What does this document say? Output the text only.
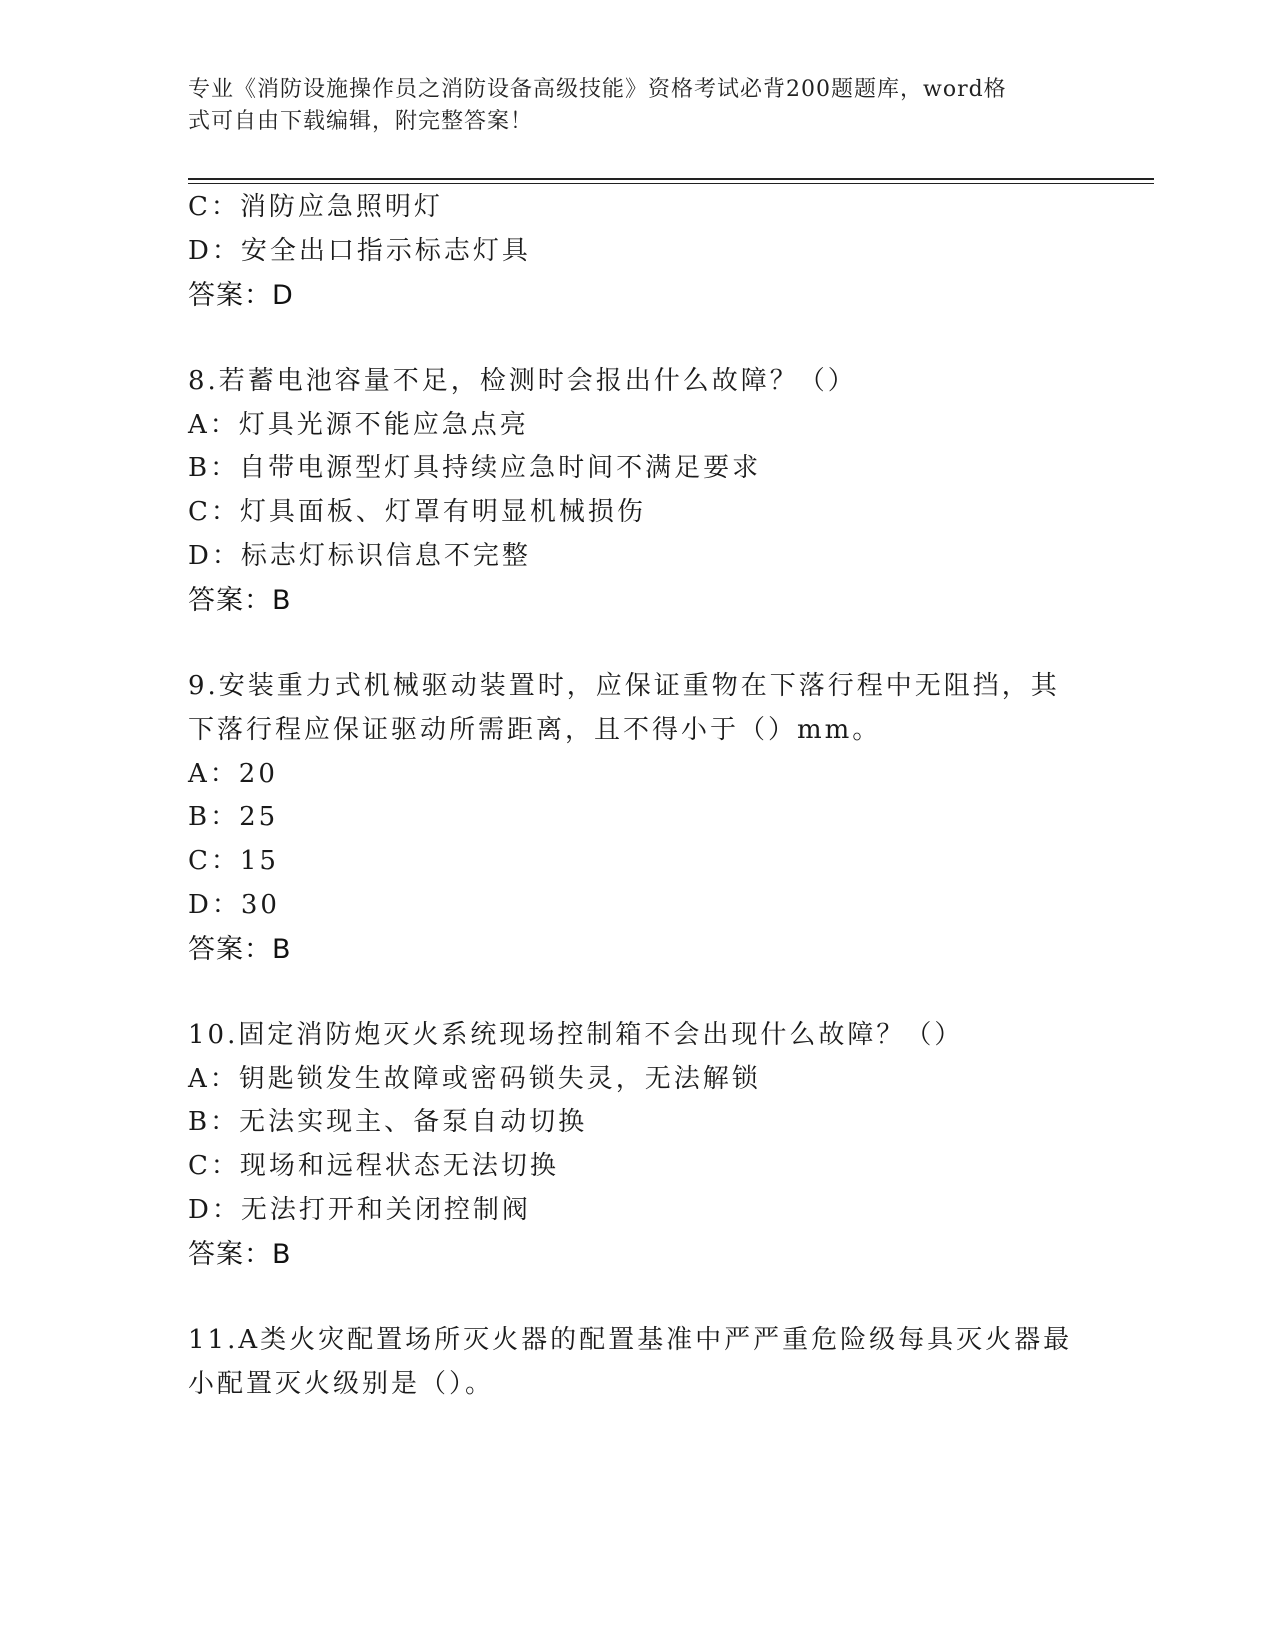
专业《消防设施操作员之消防设备高级技能》资格考试必背200题题库，word格
式可自由下载编辑，附完整答案！
C：消防应急照明灯
D：安全出口指示标志灯具
答案：D
8.若蓄电池容量不足，检测时会报出什么故障？（）
A：灯具光源不能应急点亮
B：自带电源型灯具持续应急时间不满足要求
C：灯具面板、灯罩有明显机械损伤
D：标志灯标识信息不完整
答案：B
9.安装重力式机械驱动装置时，应保证重物在下落行程中无阻挡，其
下落行程应保证驱动所需距离，且不得小于（）mm。
A：20
B：25
C：15
D：30
答案：B
10.固定消防炮灭火系统现场控制箱不会出现什么故障？（）
A：钥匙锁发生故障或密码锁失灵，无法解锁
B：无法实现主、备泵自动切换
C：现场和远程状态无法切换
D：无法打开和关闭控制阀
答案：B
11.A类火灾配置场所灭火器的配置基准中严严重危险级每具灭火器最
小配置灭火级别是（）。
